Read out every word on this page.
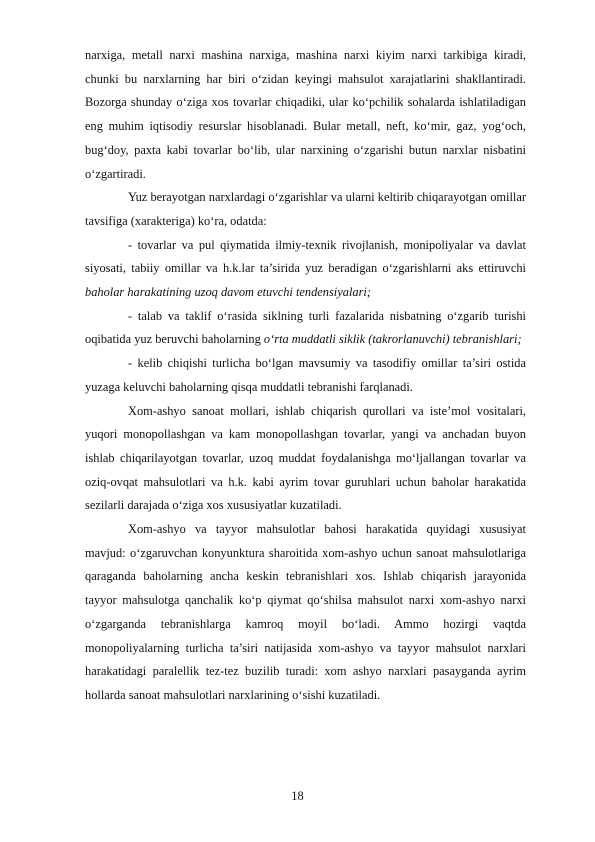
narxiga, metall narxi mashina narxiga, mashina narxi kiyim narxi tarkibiga kiradi, chunki bu narxlarning har biri o‘zidan keyingi mahsulot xarajatlarini shakllantiradi. Bozorga shunday o‘ziga xos tovarlar chiqadiki, ular ko‘pchilik sohalarda ishlatiladigan eng muhim iqtisodiy resurslar hisoblanadi. Bular metall, neft, ko‘mir, gaz, yog‘och, bug‘doy, paxta kabi tovarlar bo‘lib, ular narxining o‘zgarishi butun narxlar nisbatini o‘zgartiradi.

Yuz berayotgan narxlardagi o‘zgarishlar va ularni keltirib chiqarayotgan omillar tavsifiga (xarakteriga) ko‘ra, odatda:

- tovarlar va pul qiymatida ilmiy-texnik rivojlanish, monipoliyalar va davlat siyosati, tabiiy omillar va h.k.lar ta’sirida yuz beradigan o‘zgarishlarni aks ettiruvchi baholar harakatining uzoq davom etuvchi tendensiyalari;

- talab va taklif o‘rasida siklning turli fazalarida nisbatning o‘zgarib turishi oqibatida yuz beruvchi baholarning o‘rta muddatli siklik (takrorlanuvchi) tebranishlari;

- kelib chiqishi turlicha bo‘lgan mavsumiy va tasodifiy omillar ta’siri ostida yuzaga keluvchi baholarning qisqa muddatli tebranishi farqlanadi.

Xom-ashyo sanoat mollari, ishlab chiqarish qurollari va iste’mol vositalari, yuqori monopollashgan va kam monopollashgan tovarlar, yangi va anchadan buyon ishlab chiqarilayotgan tovarlar, uzoq muddat foydalanishga mo‘ljallangan tovarlar va oziq-ovqat mahsulotlari va h.k. kabi ayrim tovar guruhlari uchun baholar harakatida sezilarli darajada o‘ziga xos xususiyatlar kuzatiladi.

Xom-ashyo va tayyor mahsulotlar bahosi harakatida quyidagi xususiyat mavjud: o‘zgaruvchan konyunktura sharoitida xom-ashyo uchun sanoat mahsulotlariga qaraganda baholarning ancha keskin tebranishlari xos. Ishlab chiqarish jarayonida tayyor mahsulotga qanchalik ko‘p qiymat qo‘shilsa mahsulot narxi xom-ashyo narxi o‘zgarganda tebranishlarga kamroq moyil bo‘ladi. Ammo hozirgi vaqtda monopoliyalarning turlicha ta’siri natijasida xom-ashyo va tayyor mahsulot narxlari harakatidagi paralellik tez-tez buzilib turadi: xom ashyo narxlari pasayganda ayrim hollarda sanoat mahsulotlari narxlarining o‘sishi kuzatiladi.

18
